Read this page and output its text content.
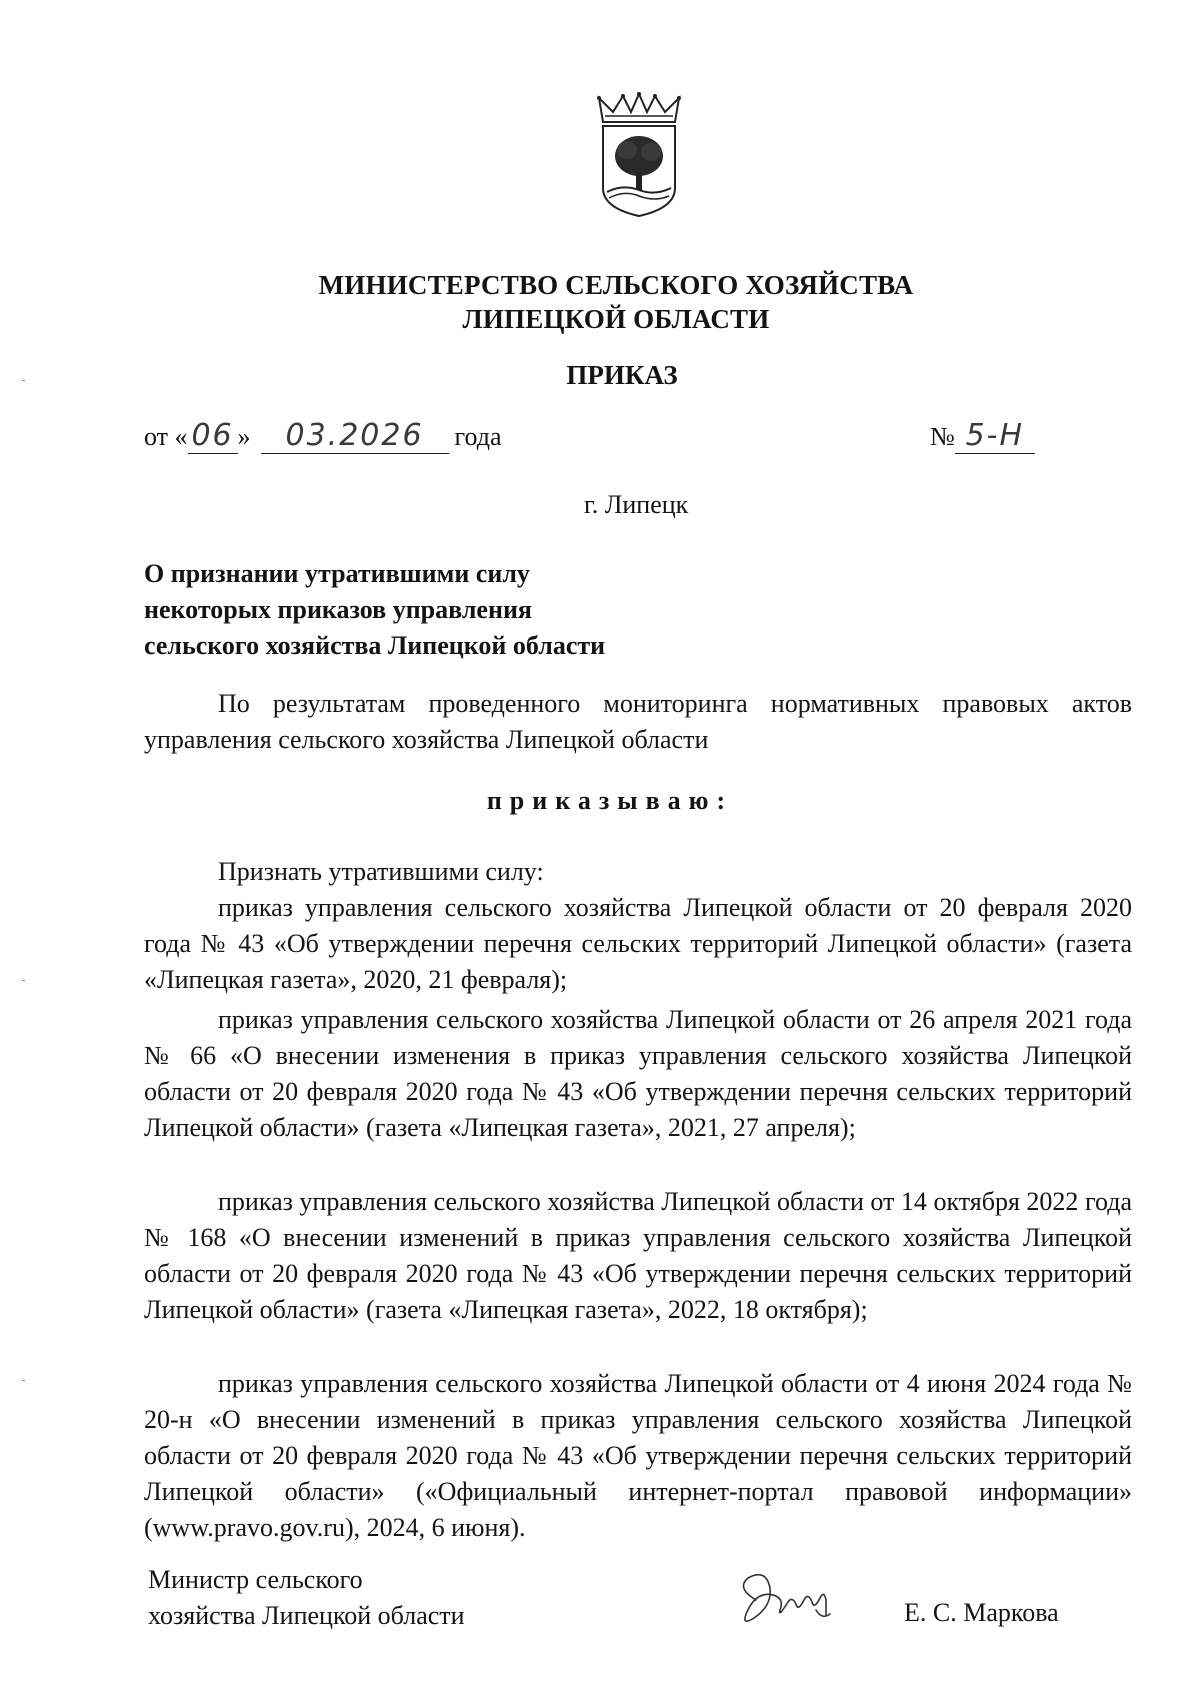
МИНИСТЕРСТВО СЕЛЬСКОГО ХОЗЯЙСТВА
ЛИПЕЦКОЙ ОБЛАСТИ
ПРИКАЗ
от « 06 » 03.2026 года	№ 5-Н
г. Липецк
О признании утратившими силу
некоторых приказов управления
сельского хозяйства Липецкой области
По результатам проведенного мониторинга нормативных правовых актов управления сельского хозяйства Липецкой области
приказываю:
Признать утратившими силу:
приказ управления сельского хозяйства Липецкой области от 20 февраля 2020 года № 43 «Об утверждении перечня сельских территорий Липецкой области» (газета «Липецкая газета», 2020, 21 февраля);
приказ управления сельского хозяйства Липецкой области от 26 апреля 2021 года № 66 «О внесении изменения в приказ управления сельского хозяйства Липецкой области от 20 февраля 2020 года № 43 «Об утверждении перечня сельских территорий Липецкой области» (газета «Липецкая газета», 2021, 27 апреля);
приказ управления сельского хозяйства Липецкой области от 14 октября 2022 года № 168 «О внесении изменений в приказ управления сельского хозяйства Липецкой области от 20 февраля 2020 года № 43 «Об утверждении перечня сельских территорий Липецкой области» (газета «Липецкая газета», 2022, 18 октября);
приказ управления сельского хозяйства Липецкой области от 4 июня 2024 года № 20-н «О внесении изменений в приказ управления сельского хозяйства Липецкой области от 20 февраля 2020 года № 43 «Об утверждении перечня сельских территорий Липецкой области» («Официальный интернет-портал правовой информации» (www.pravo.gov.ru), 2024, 6 июня).
Министр сельского
хозяйства Липецкой области	Е. С. Маркова
